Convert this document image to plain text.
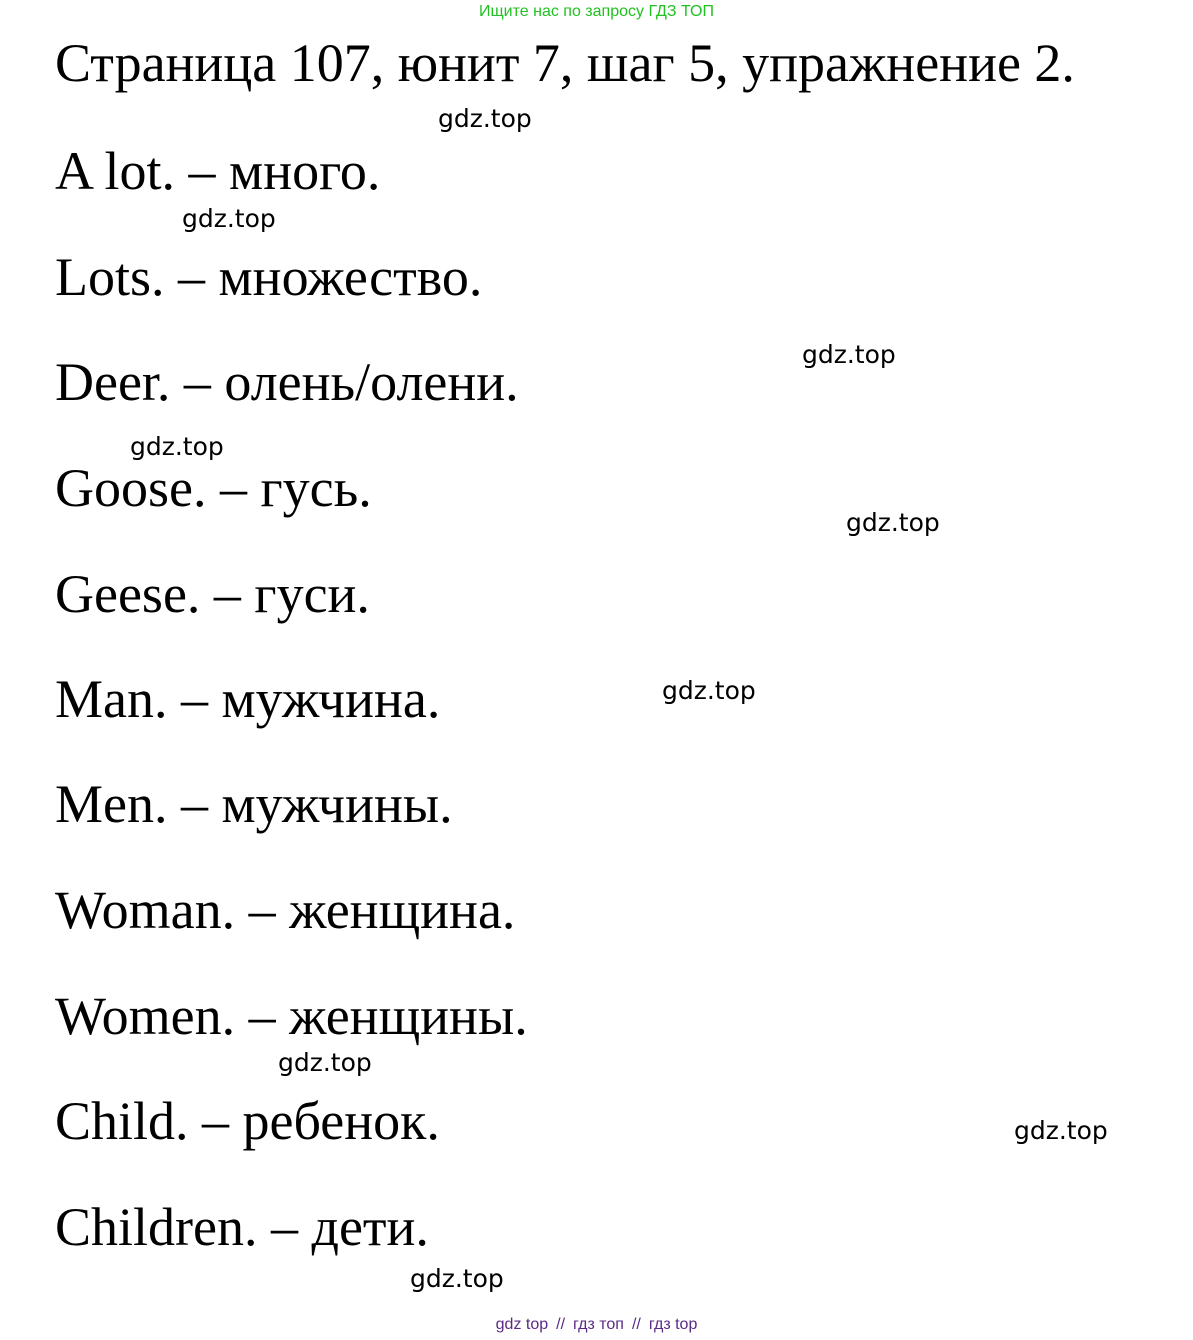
Ищите нас по запросу ГДЗ ТОП
Страница 107, юнит 7, шаг 5, упражнение 2.
gdz.top
A lot. – много.
gdz.top
Lots. – множество.
gdz.top
Deer. – олень/олени.
gdz.top
Goose. – гусь.
gdz.top
Geese. – гуси.
gdz.top
Man. – мужчина.
Men. – мужчины.
Woman. – женщина.
Women. – женщины.
gdz.top
Child. – ребенок.	gdz.top
Children. – дети.
gdz.top
gdz top // гдз топ // гдз top
